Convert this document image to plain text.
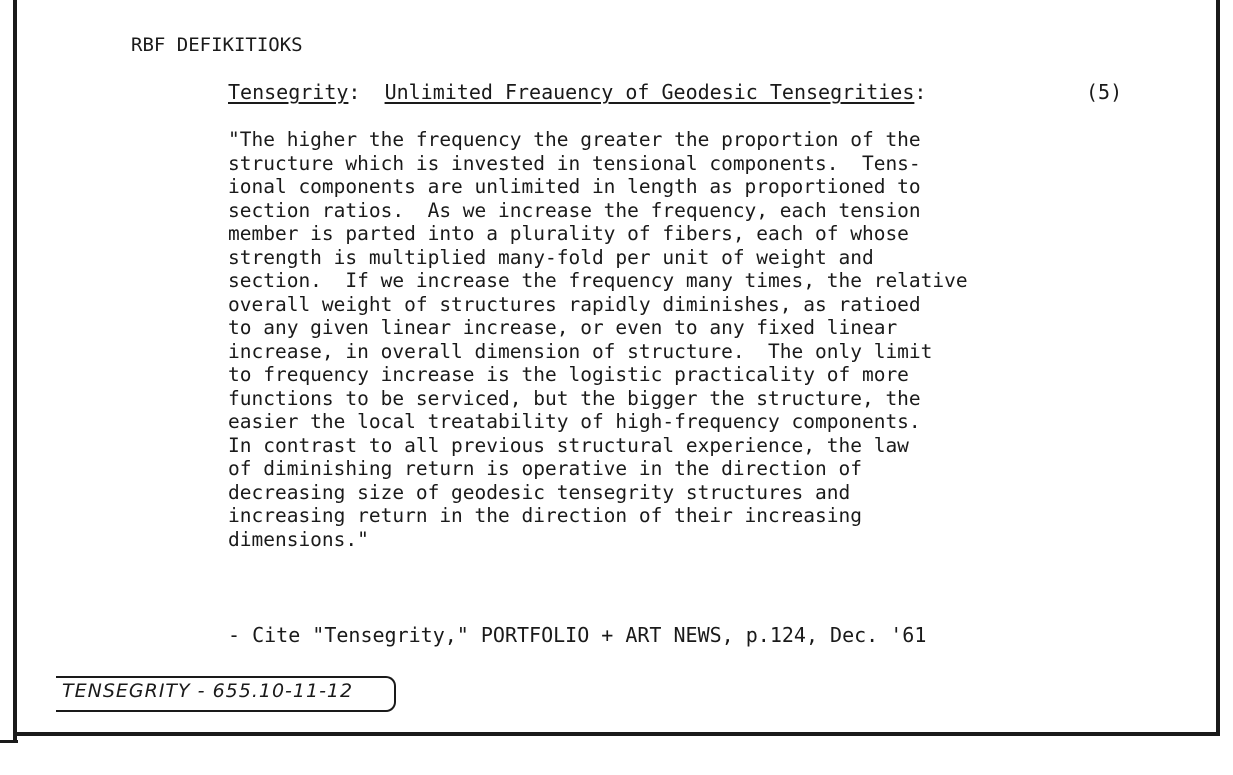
RBF DEFIKITIOKS
Tensegrity: Unlimited Freauency of Geodesic Tensegrities:	(5)
"The higher the frequency the greater the proportion of the
structure which is invested in tensional components.  Tens-
ional components are unlimited in length as proportioned to
section ratios.  As we increase the frequency, each tension
member is parted into a plurality of fibers, each of whose
strength is multiplied many-fold per unit of weight and
section.  If we increase the frequency many times, the relative
overall weight of structures rapidly diminishes, as ratioed
to any given linear increase, or even to any fixed linear
increase, in overall dimension of structure.  The only limit
to frequency increase is the logistic practicality of more
functions to be serviced, but the bigger the structure, the
easier the local treatability of high-frequency components.
In contrast to all previous structural experience, the law
of diminishing return is operative in the direction of
decreasing size of geodesic tensegrity structures and
increasing return in the direction of their increasing
dimensions."
- Cite "Tensegrity," PORTFOLIO + ART NEWS, p.124, Dec. '61
TENSEGRITY - 655.10-11-12
